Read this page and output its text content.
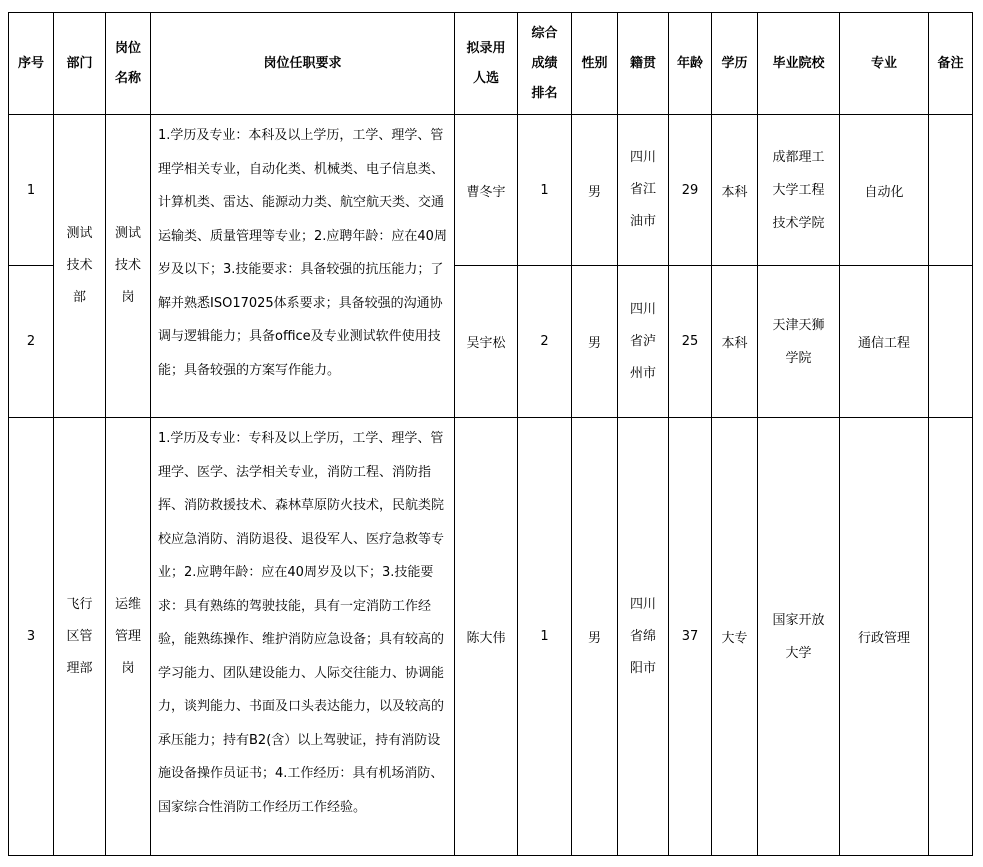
序号	部门	岗位名称	岗位任职要求	拟录用人选	综合成绩排名	性别	籍贯	年龄	学历	毕业院校	专业	备注
1	测试技术部	测试技术岗	1.学历及专业：本科及以上学历，工学、理学、管理学相关专业，自动化类、机械类、电子信息类、计算机类、雷达、能源动力类、航空航天类、交通运输类、质量管理等专业；2.应聘年龄：应在40周岁及以下；3.技能要求：具备较强的抗压能力；了解并熟悉ISO17025体系要求；具备较强的沟通协调与逻辑能力；具备office及专业测试软件使用技能；具备较强的方案写作能力。	曹冬宇	1	男	四川省江油市	29	本科	成都理工大学工程技术学院	自动化	
2				吴宇松	2	男	四川省泸州市	25	本科	天津天狮学院	通信工程	
3	飞行区管理部	运维管理岗	1.学历及专业：专科及以上学历，工学、理学、管理学、医学、法学相关专业，消防工程、消防指挥、消防救援技术、森林草原防火技术，民航类院校应急消防、消防退役、退役军人、医疗急救等专业；2.应聘年龄：应在40周岁及以下；3.技能要求：具有熟练的驾驶技能，具有一定消防工作经验，能熟练操作、维护消防应急设备；具有较高的学习能力、团队建设能力、人际交往能力、协调能力，谈判能力、书面及口头表达能力，以及较高的承压能力；持有B2(含）以上驾驶证，持有消防设施设备操作员证书；4.工作经历：具有机场消防、国家综合性消防工作经历工作经验。	陈大伟	1	男	四川省绵阳市	37	大专	国家开放大学	行政管理	
